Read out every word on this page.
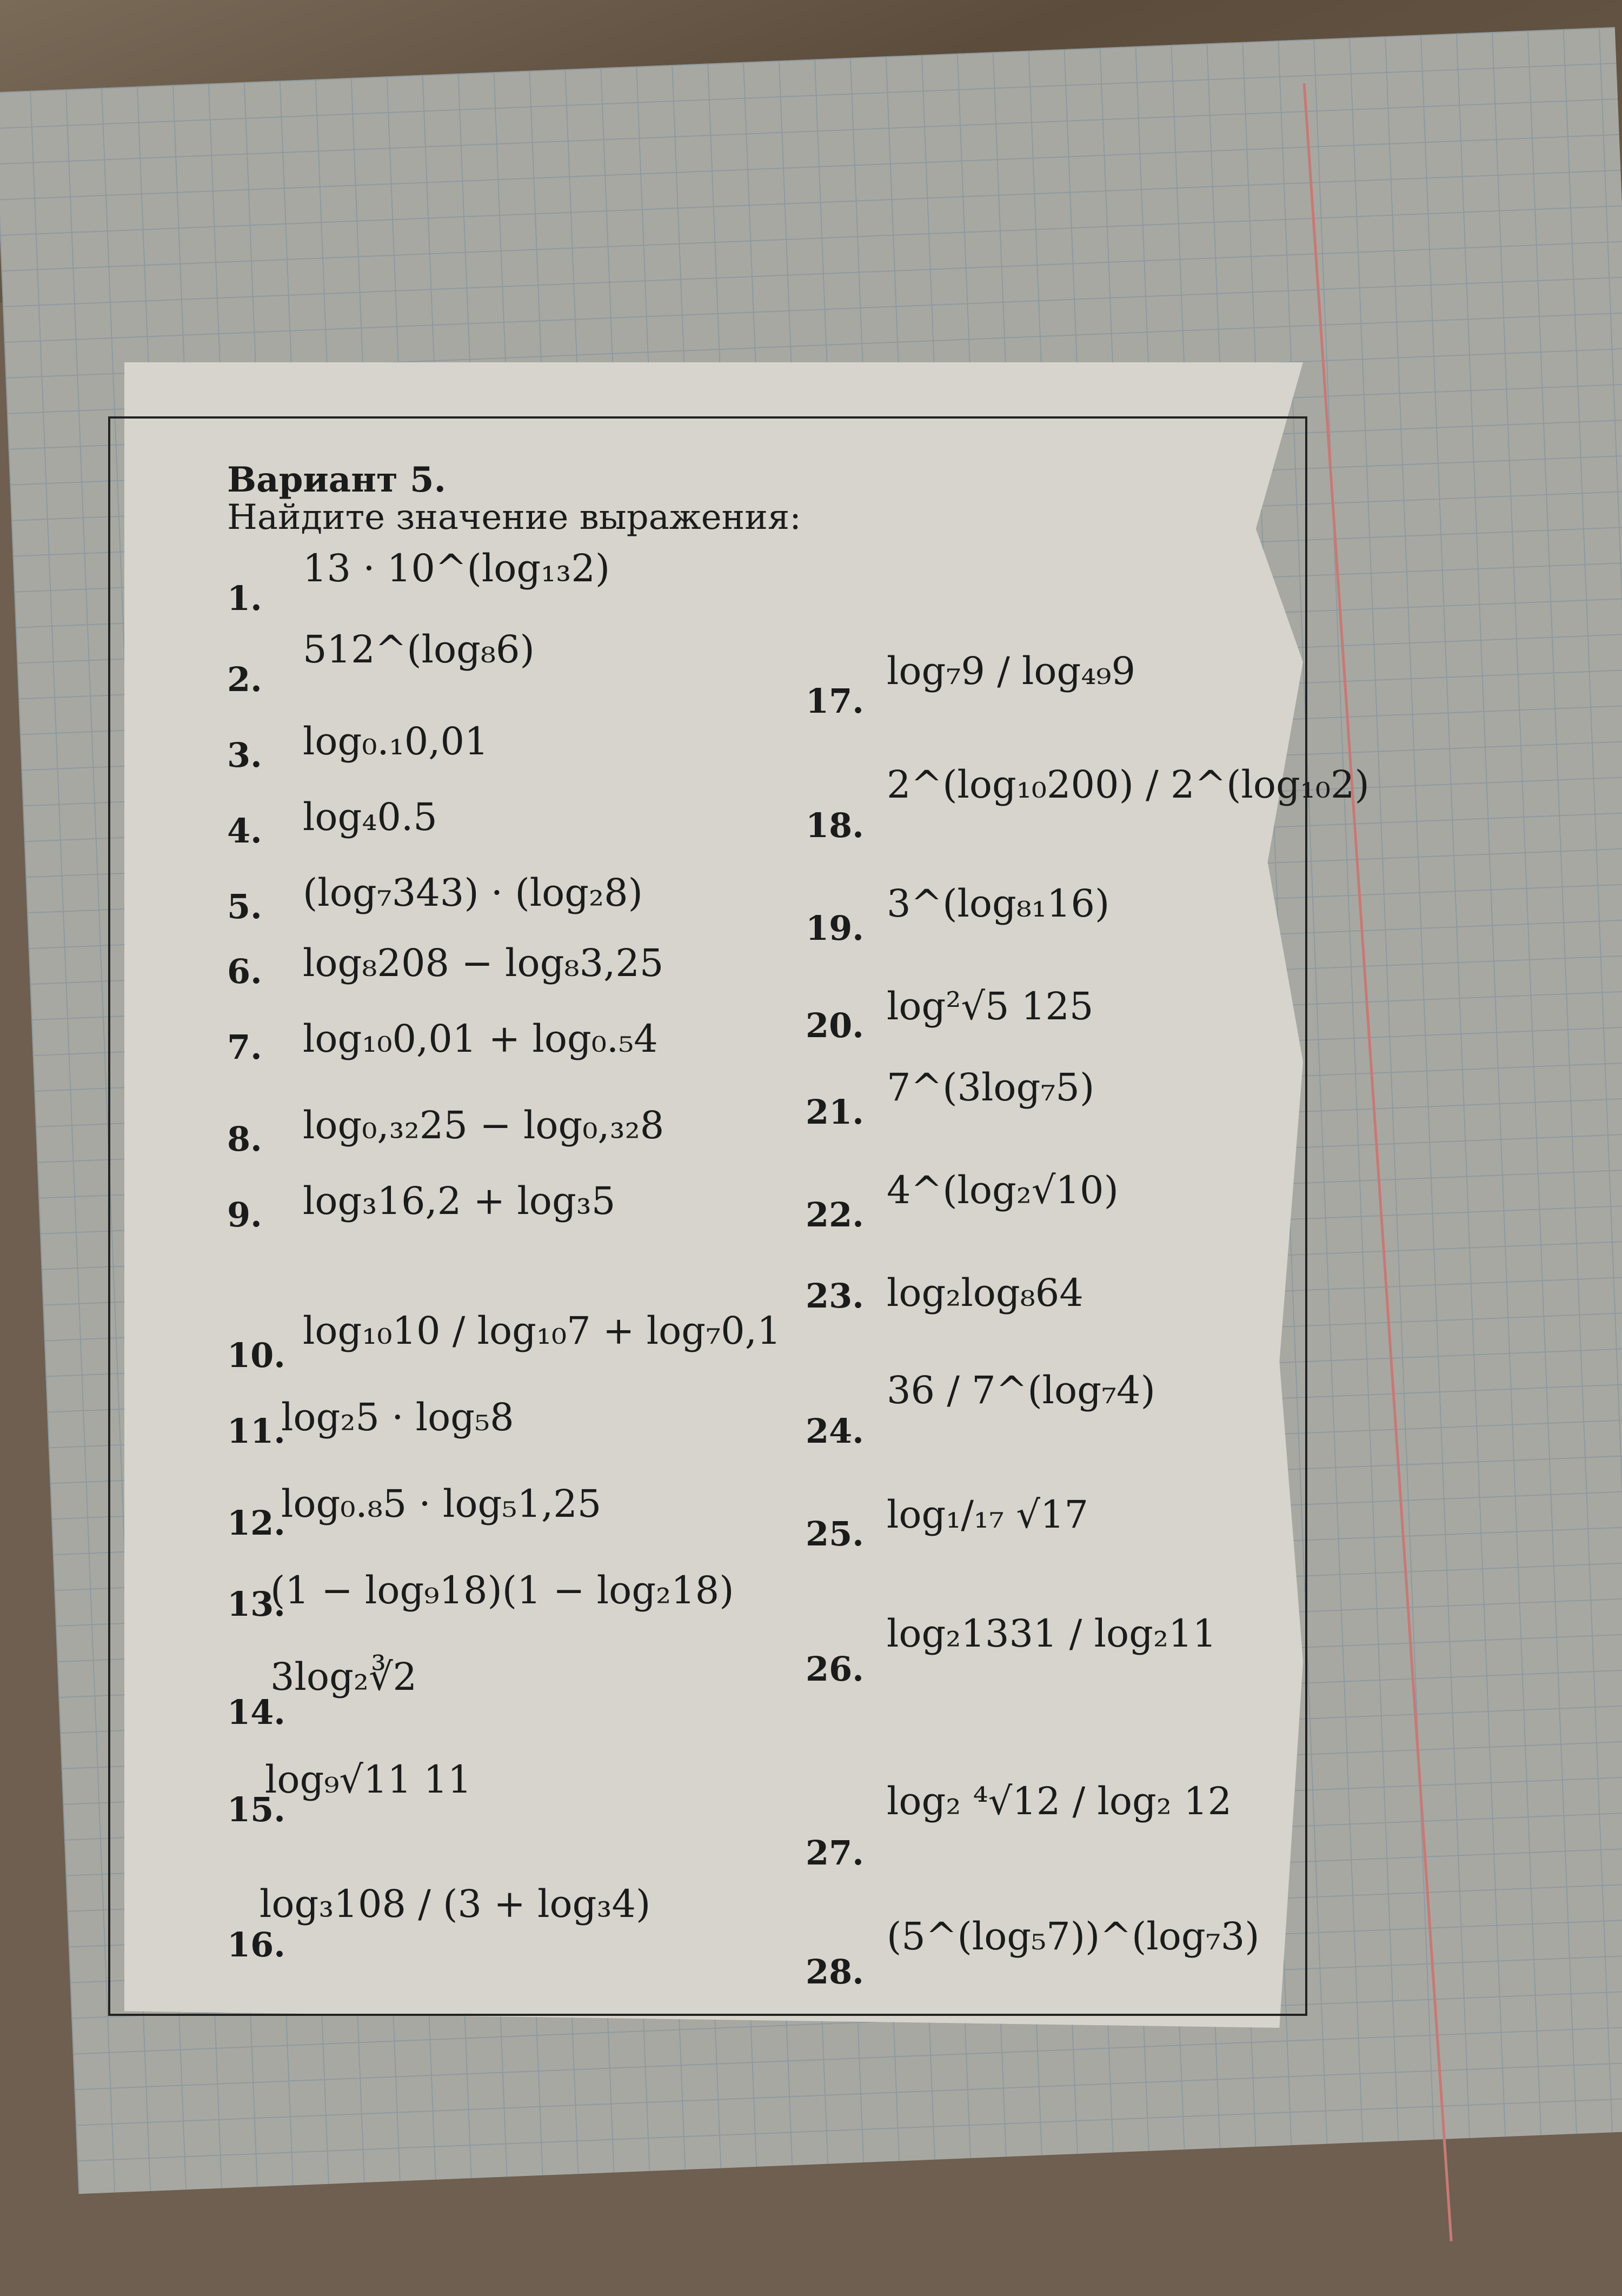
Вариант 5.
Найдите значение выражения:
1.
13 · 10^(log₁₃2)
2.
512^(log₈6)
3. log₀.₁0,01
4. log₄0.5
5. (log₇343) · (log₂8)
6. log₈208 − log₈3,25
7. log₁₀0,01 + log₀.₅4
8. log₀,₃₂25 − log₀,₃₂8
9. log₃16,2 + log₃5
10.
log₁₀10 / log₁₀7 + log₇0,1
11.
log₂5 · log₅8
12.
log₀.₈5 · log₅1,25
13.
(1 − log₉18)(1 − log₂18)
14.
3log₂∛2
15.
log₉√11 11
16.
log₃108 / (3 + log₃4)
17.
log₇9 / log₄₉9
18.
2^(log₁₀200) / 2^(log₁₀2)
19.
3^(log₈₁16)
20. log²√5 125
21.
7^(3log₇5)
22.
4^(log₂√10)
23. log₂log₈64
24.
36 / 7^(log₇4)
25. log₁/₁₇ √17
26.
log₂1331 / log₂11
27.
log₂ ⁴√12 / log₂ 12
28.
(5^(log₅7))^(log₇3)
